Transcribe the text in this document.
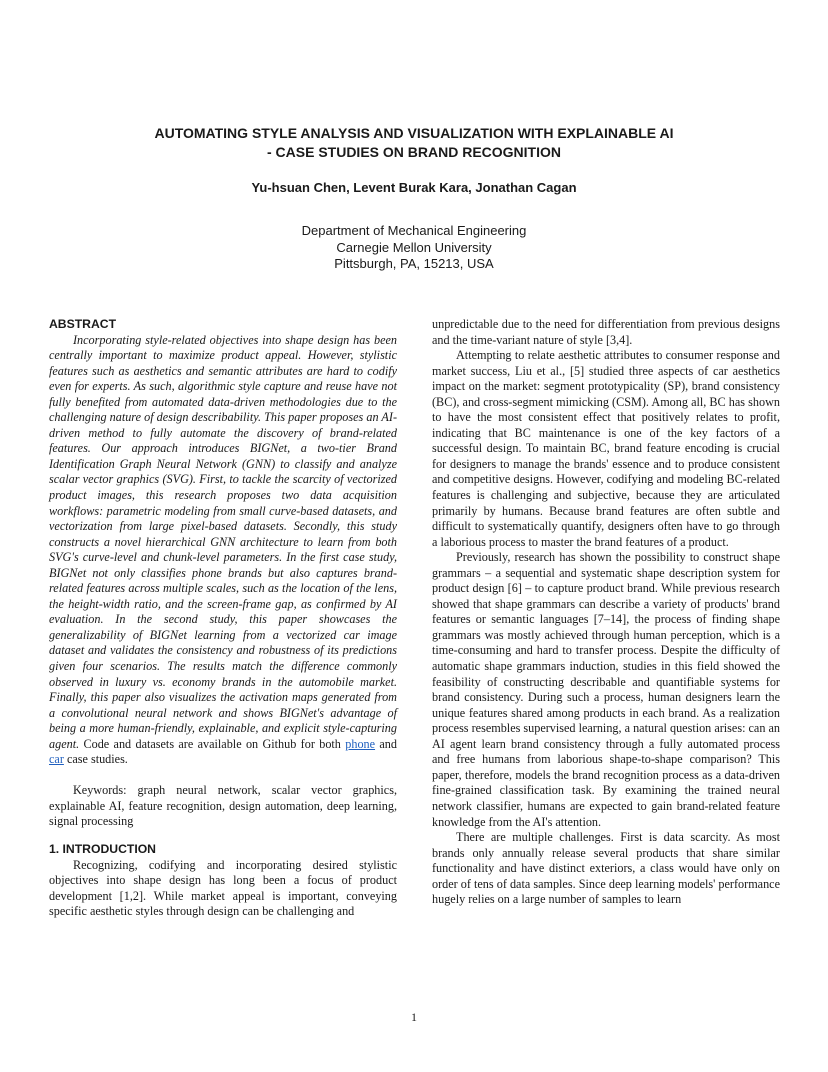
AUTOMATING STYLE ANALYSIS AND VISUALIZATION WITH EXPLAINABLE AI
- CASE STUDIES ON BRAND RECOGNITION
Yu-hsuan Chen, Levent Burak Kara, Jonathan Cagan
Department of Mechanical Engineering
Carnegie Mellon University
Pittsburgh, PA, 15213, USA
ABSTRACT

Incorporating style-related objectives into shape design has been centrally important to maximize product appeal. However, stylistic features such as aesthetics and semantic attributes are hard to codify even for experts. As such, algorithmic style capture and reuse have not fully benefited from automated data-driven methodologies due to the challenging nature of design describability. This paper proposes an AI-driven method to fully automate the discovery of brand-related features. Our approach introduces BIGNet, a two-tier Brand Identification Graph Neural Network (GNN) to classify and analyze scalar vector graphics (SVG). First, to tackle the scarcity of vectorized product images, this research proposes two data acquisition workflows: parametric modeling from small curve-based datasets, and vectorization from large pixel-based datasets. Secondly, this study constructs a novel hierarchical GNN architecture to learn from both SVG's curve-level and chunk-level parameters. In the first case study, BIGNet not only classifies phone brands but also captures brand-related features across multiple scales, such as the location of the lens, the height-width ratio, and the screen-frame gap, as confirmed by AI evaluation. In the second study, this paper showcases the generalizability of BIGNet learning from a vectorized car image dataset and validates the consistency and robustness of its predictions given four scenarios. The results match the difference commonly observed in luxury vs. economy brands in the automobile market. Finally, this paper also visualizes the activation maps generated from a convolutional neural network and shows BIGNet's advantage of being a more human-friendly, explainable, and explicit style-capturing agent. Code and datasets are available on Github for both phone and car case studies.

Keywords: graph neural network, scalar vector graphics, explainable AI, feature recognition, design automation, deep learning, signal processing

1. INTRODUCTION

Recognizing, codifying and incorporating desired stylistic objectives into shape design has long been a focus of product development [1,2]. While market appeal is important, conveying specific aesthetic styles through design can be challenging and

unpredictable due to the need for differentiation from previous designs and the time-variant nature of style [3,4].

Attempting to relate aesthetic attributes to consumer response and market success, Liu et al., [5] studied three aspects of car aesthetics impact on the market: segment prototypicality (SP), brand consistency (BC), and cross-segment mimicking (CSM). Among all, BC has shown to have the most consistent effect that positively relates to profit, indicating that BC maintenance is one of the key factors of a successful design. To maintain BC, brand feature encoding is crucial for designers to manage the brands' essence and to produce consistent and competitive designs. However, codifying and modeling BC-related features is challenging and subjective, because they are articulated primarily by humans. Because brand features are often subtle and difficult to systematically quantify, designers often have to go through a laborious process to master the brand features of a product.

Previously, research has shown the possibility to construct shape grammars – a sequential and systematic shape description system for product design [6] – to capture product brand. While previous research showed that shape grammars can describe a variety of products' brand features or semantic languages [7–14], the process of finding shape grammars was mostly achieved through human perception, which is a time-consuming and hard to transfer process. Despite the difficulty of automatic shape grammars induction, studies in this field showed the feasibility of constructing describable and quantifiable systems for brand consistency. During such a process, human designers learn the unique features shared among products in each brand. As a realization process resembles supervised learning, a natural question arises: can an AI agent learn brand consistency through a fully automated process and free humans from laborious shape-to-shape comparison? This paper, therefore, models the brand recognition process as a data-driven fine-grained classification task. By examining the trained neural network classifier, humans are expected to gain brand-related feature knowledge from the AI's attention.

There are multiple challenges. First is data scarcity. As most brands only annually release several products that share similar functionality and have distinct exteriors, a class would have only on order of tens of data samples. Since deep learning models' performance hugely relies on a large number of samples to learn

1
